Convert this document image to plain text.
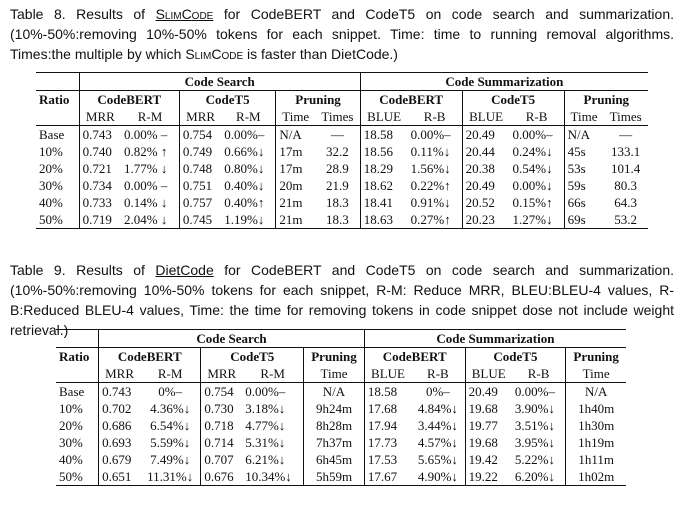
Table 8. Results of SlimCode for CodeBERT and CodeT5 on code search and summarization.(10%-50%:removing 10%-50% tokens for each snippet. Time: time to running removal algorithms. Times:the multiple by which SlimCode is faster than DietCode.)
	Code Search						Code Summarization					
Ratio	CodeBERT		CodeT5		Pruning		CodeBERT		CodeT5		Pruning	
	MRR	R-M	MRR	R-M	Time	Times	BLUE	R-B	BLUE	R-B	Time	Times
Base	0.743	0.00% –	0.754	0.00%–	N/A	—	18.58	0.00%–	20.49	0.00%–	N/A	—
10%	0.740	0.82% ↑	0.749	0.66%↓	17m	32.2	18.56	0.11%↓	20.44	0.24%↓	45s	133.1
20%	0.721	1.77% ↓	0.748	0.80%↓	17m	28.9	18.29	1.56%↓	20.38	0.54%↓	53s	101.4
30%	0.734	0.00% –	0.751	0.40%↓	20m	21.9	18.62	0.22%↑	20.49	0.00%↓	59s	80.3
40%	0.733	0.14% ↓	0.757	0.40%↑	21m	18.3	18.41	0.91%↓	20.52	0.15%↑	66s	64.3
50%	0.719	2.04% ↓	0.745	1.19%↓	21m	18.3	18.63	0.27%↑	20.23	1.27%↓	69s	53.2
Table 9. Results of DietCode for CodeBERT and CodeT5 on code search and summarization.(10%-50%:removing 10%-50% tokens for each snippet, R-M: Reduce MRR, BLEU:BLEU-4 values, R-B:Reduced BLEU-4 values, Time: the time for removing tokens in code snippet dose not include weight retrieval.)
		Code Search					Code Summarization				
Ratio	CodeBERT		CodeT5		Pruning	CodeBERT		CodeT5		Pruning
	MRR	R-M	MRR	R-M	Time	BLUE	R-B	BLUE	R-B	Time
Base	0.743	0%–	0.754	0.00%–	N/A	18.58	0%–	20.49	0.00%–	N/A
10%	0.702	4.36%↓	0.730	3.18%↓	9h24m	17.68	4.84%↓	19.68	3.90%↓	1h40m
20%	0.686	6.54%↓	0.718	4.77%↓	8h28m	17.94	3.44%↓	19.77	3.51%↓	1h30m
30%	0.693	5.59%↓	0.714	5.31%↓	7h37m	17.73	4.57%↓	19.68	3.95%↓	1h19m
40%	0.679	7.49%↓	0.707	6.21%↓	6h45m	17.53	5.65%↓	19.42	5.22%↓	1h11m
50%	0.651	11.31%↓	0.676	10.34%↓	5h59m	17.67	4.90%↓	19.22	6.20%↓	1h02m
